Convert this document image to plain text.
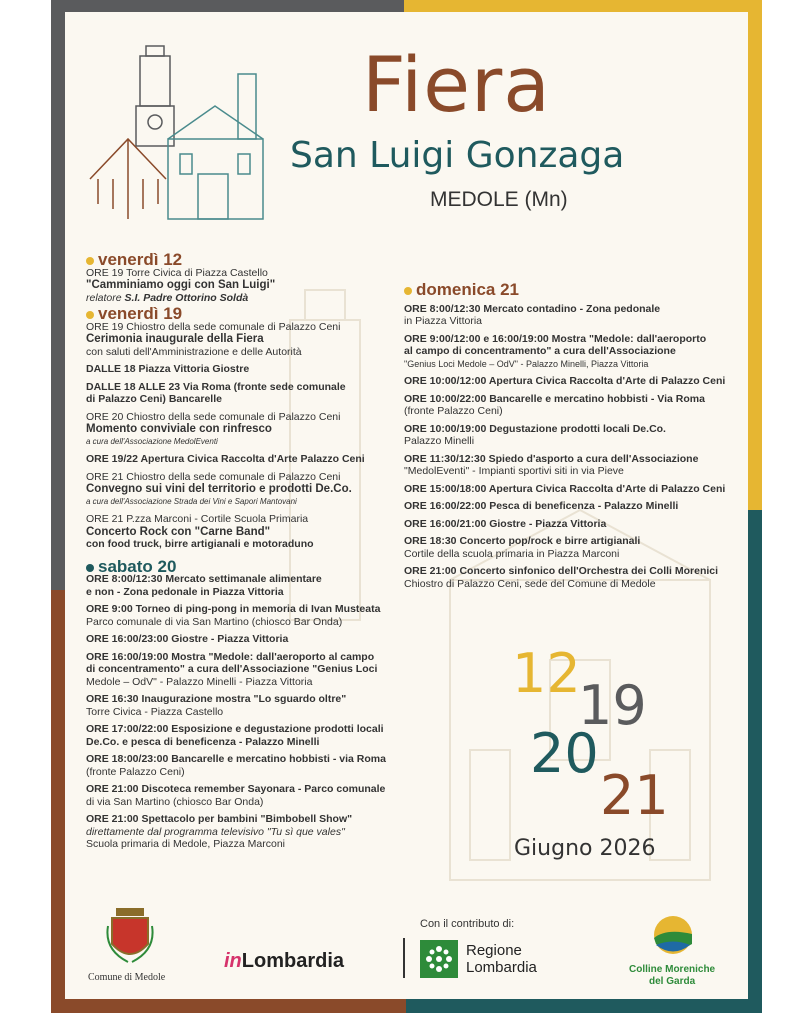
Fiera
San Luigi Gonzaga
MEDOLE (Mn)

venerdì 12

ORE 19 Torre Civica di Piazza Castello

"Camminiamo oggi con San Luigi"

relatore S.I. Padre Ottorino Soldà

venerdì 19

ORE 19 Chiostro della sede comunale di Palazzo Ceni

Cerimonia inaugurale della Fiera

con saluti dell'Amministrazione e delle Autorità

DALLE 18 Piazza Vittoria Giostre

DALLE 18 ALLE 23 Via Roma (fronte sede comunale

di Palazzo Ceni) Bancarelle

ORE 20 Chiostro della sede comunale di Palazzo Ceni

Momento conviviale con rinfresco

a cura dell'Associazione MedolEventi

ORE 19/22 Apertura Civica Raccolta d'Arte Palazzo Ceni

ORE 21 Chiostro della sede comunale di Palazzo Ceni

Convegno sui vini del territorio e prodotti De.Co.

a cura dell'Associazione Strada dei Vini e Sapori Mantovani

ORE 21 P.zza Marconi - Cortile Scuola Primaria

Concerto Rock con "Carne Band"

con food truck, birre artigianali e motoraduno

sabato 20

ORE 8:00/12:30 Mercato settimanale alimentare

e non - Zona pedonale in Piazza Vittoria

ORE 9:00 Torneo di ping-pong in memoria di Ivan Musteata

Parco comunale di via San Martino (chiosco Bar Onda)

ORE 16:00/23:00 Giostre - Piazza Vittoria

ORE 16:00/19:00 Mostra "Medole: dall'aeroporto al campo

di concentramento" a cura dell'Associazione "Genius Loci

Medole – OdV" - Palazzo Minelli - Piazza Vittoria

ORE 16:30 Inaugurazione mostra "Lo sguardo oltre"

Torre Civica - Piazza Castello

ORE 17:00/22:00 Esposizione e degustazione prodotti locali

De.Co. e pesca di beneficenza - Palazzo Minelli

ORE 18:00/23:00 Bancarelle e mercatino hobbisti - via Roma

(fronte Palazzo Ceni)

ORE 21:00 Discoteca remember Sayonara - Parco comunale

di via San Martino (chiosco Bar Onda)

ORE 21:00 Spettacolo per bambini "Bimbobell Show"

direttamente dal programma televisivo "Tu sì que vales"

Scuola primaria di Medole, Piazza Marconi

domenica 21

ORE 8:00/12:30 Mercato contadino - Zona pedonale

in Piazza Vittoria

ORE 9:00/12:00 e 16:00/19:00 Mostra "Medole: dall'aeroporto

al campo di concentramento" a cura dell'Associazione

"Genius Loci Medole – OdV" - Palazzo Minelli, Piazza Vittoria

ORE 10:00/12:00 Apertura Civica Raccolta d'Arte di Palazzo Ceni

ORE 10:00/22:00 Bancarelle e mercatino hobbisti - Via Roma

(fronte Palazzo Ceni)

ORE 10:00/19:00 Degustazione prodotti locali De.Co.

Palazzo Minelli

ORE 11:30/12:30 Spiedo d'asporto a cura dell'Associazione

"MedolEventi" - Impianti sportivi siti in via Pieve

ORE 15:00/18:00 Apertura Civica Raccolta d'Arte di Palazzo Ceni

ORE 16:00/22:00 Pesca di beneficenza - Palazzo Minelli

ORE 16:00/21:00 Giostre - Piazza Vittoria

ORE 18:30 Concerto pop/rock e birre artigianali

Cortile della scuola primaria in Piazza Marconi

ORE 21:00 Concerto sinfonico dell'Orchestra dei Colli Morenici

Chiostro di Palazzo Ceni, sede del Comune di Medole

12
19
20
21
Giugno 2026
Comune di Medole
inLombardia
Con il contributo di:
Regione
Lombardia	Colline Moreniche
del Garda
